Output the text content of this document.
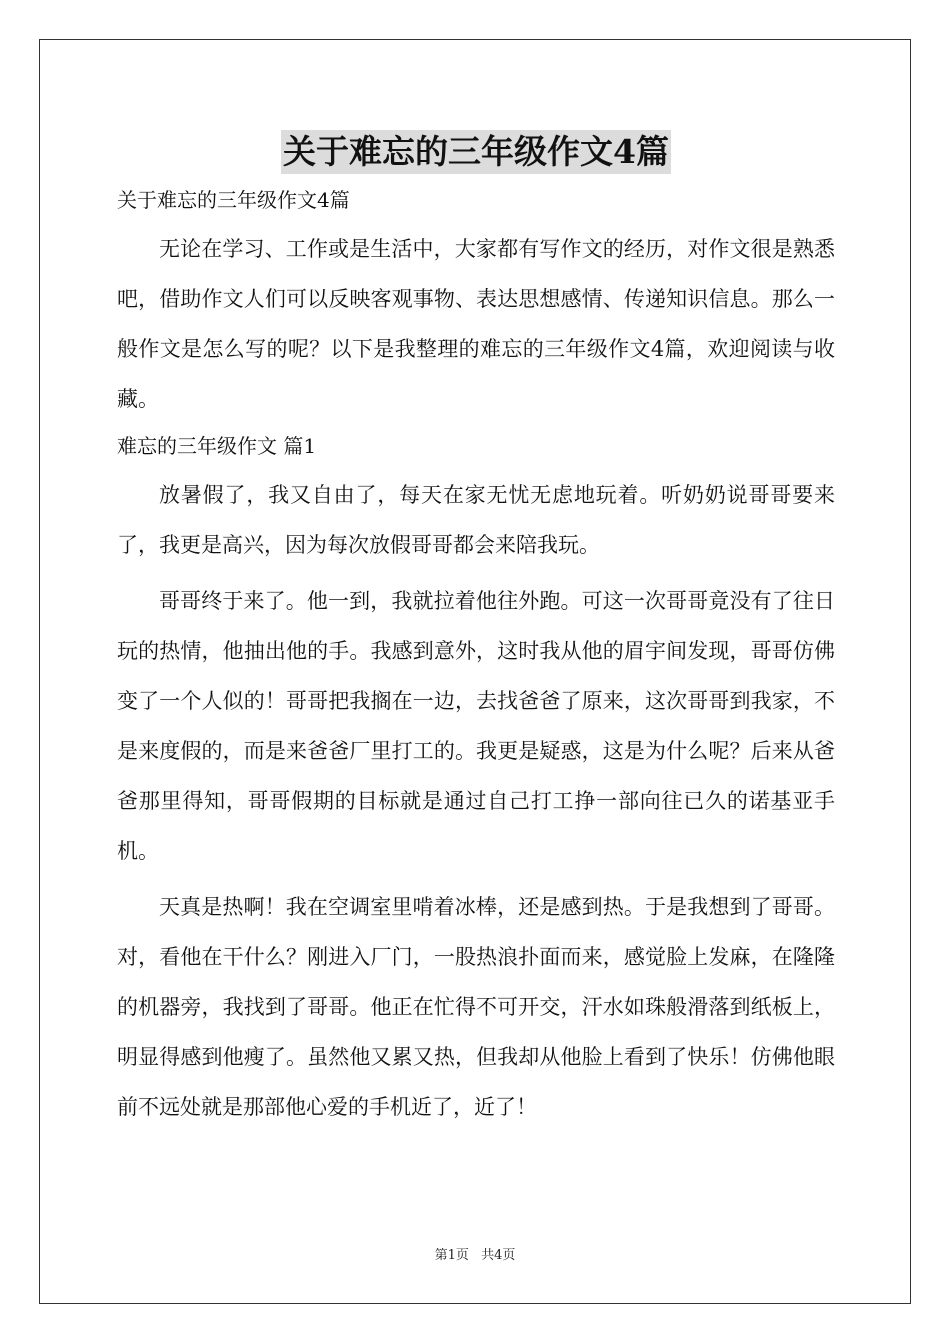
关于难忘的三年级作文4篇
关于难忘的三年级作文4篇

无论在学习、工作或是生活中，大家都有写作文的经历，对作文很是熟悉吧，借助作文人们可以反映客观事物、表达思想感情、传递知识信息。那么一般作文是怎么写的呢？以下是我整理的难忘的三年级作文4篇，欢迎阅读与收藏。

难忘的三年级作文 篇1

放暑假了，我又自由了，每天在家无忧无虑地玩着。听奶奶说哥哥要来了，我更是高兴，因为每次放假哥哥都会来陪我玩。

哥哥终于来了。他一到，我就拉着他往外跑。可这一次哥哥竟没有了往日玩的热情，他抽出他的手。我感到意外，这时我从他的眉宇间发现，哥哥仿佛变了一个人似的！哥哥把我搁在一边，去找爸爸了原来，这次哥哥到我家，不是来度假的，而是来爸爸厂里打工的。我更是疑惑，这是为什么呢？后来从爸爸那里得知，哥哥假期的目标就是通过自己打工挣一部向往已久的诺基亚手机。

天真是热啊！我在空调室里啃着冰棒，还是感到热。于是我想到了哥哥。对，看他在干什么？刚进入厂门，一股热浪扑面而来，感觉脸上发麻，在隆隆的机器旁，我找到了哥哥。他正在忙得不可开交，汗水如珠般滑落到纸板上，明显得感到他瘦了。虽然他又累又热，但我却从他脸上看到了快乐！仿佛他眼前不远处就是那部他心爱的手机近了，近了！

第1页 共4页
